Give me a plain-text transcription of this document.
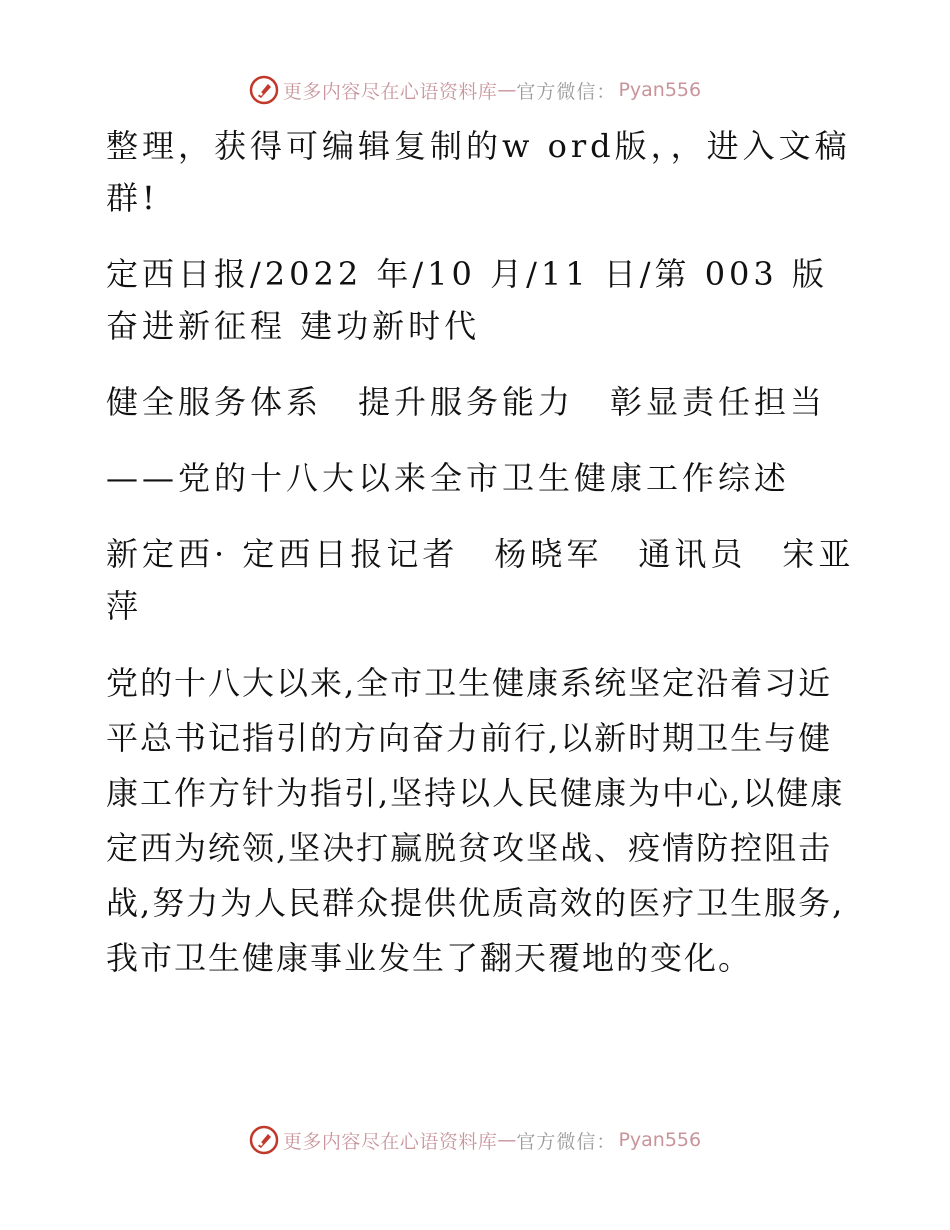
更多内容尽在心语资料库 — 官方微信： Pyan556

整理，获得可编辑复制的w ord版，，进入文稿群!

定西日报/2022 年/10 月/11 日/第 003 版奋进新征程 建功新时代

健全服务体系　提升服务能力　彰显责任担当

——党的十八大以来全市卫生健康工作综述

新定西· 定西日报记者　杨晓军　通讯员　宋亚萍

党的十八大以来,全市卫生健康系统坚定沿着习近平总书记指引的方向奋力前行,以新时期卫生与健康工作方针为指引,坚持以人民健康为中心,以健康定西为统领,坚决打赢脱贫攻坚战、疫情防控阻击战,努力为人民群众提供优质高效的医疗卫生服务,我市卫生健康事业发生了翻天覆地的变化。

更多内容尽在心语资料库 — 官方微信： Pyan556
